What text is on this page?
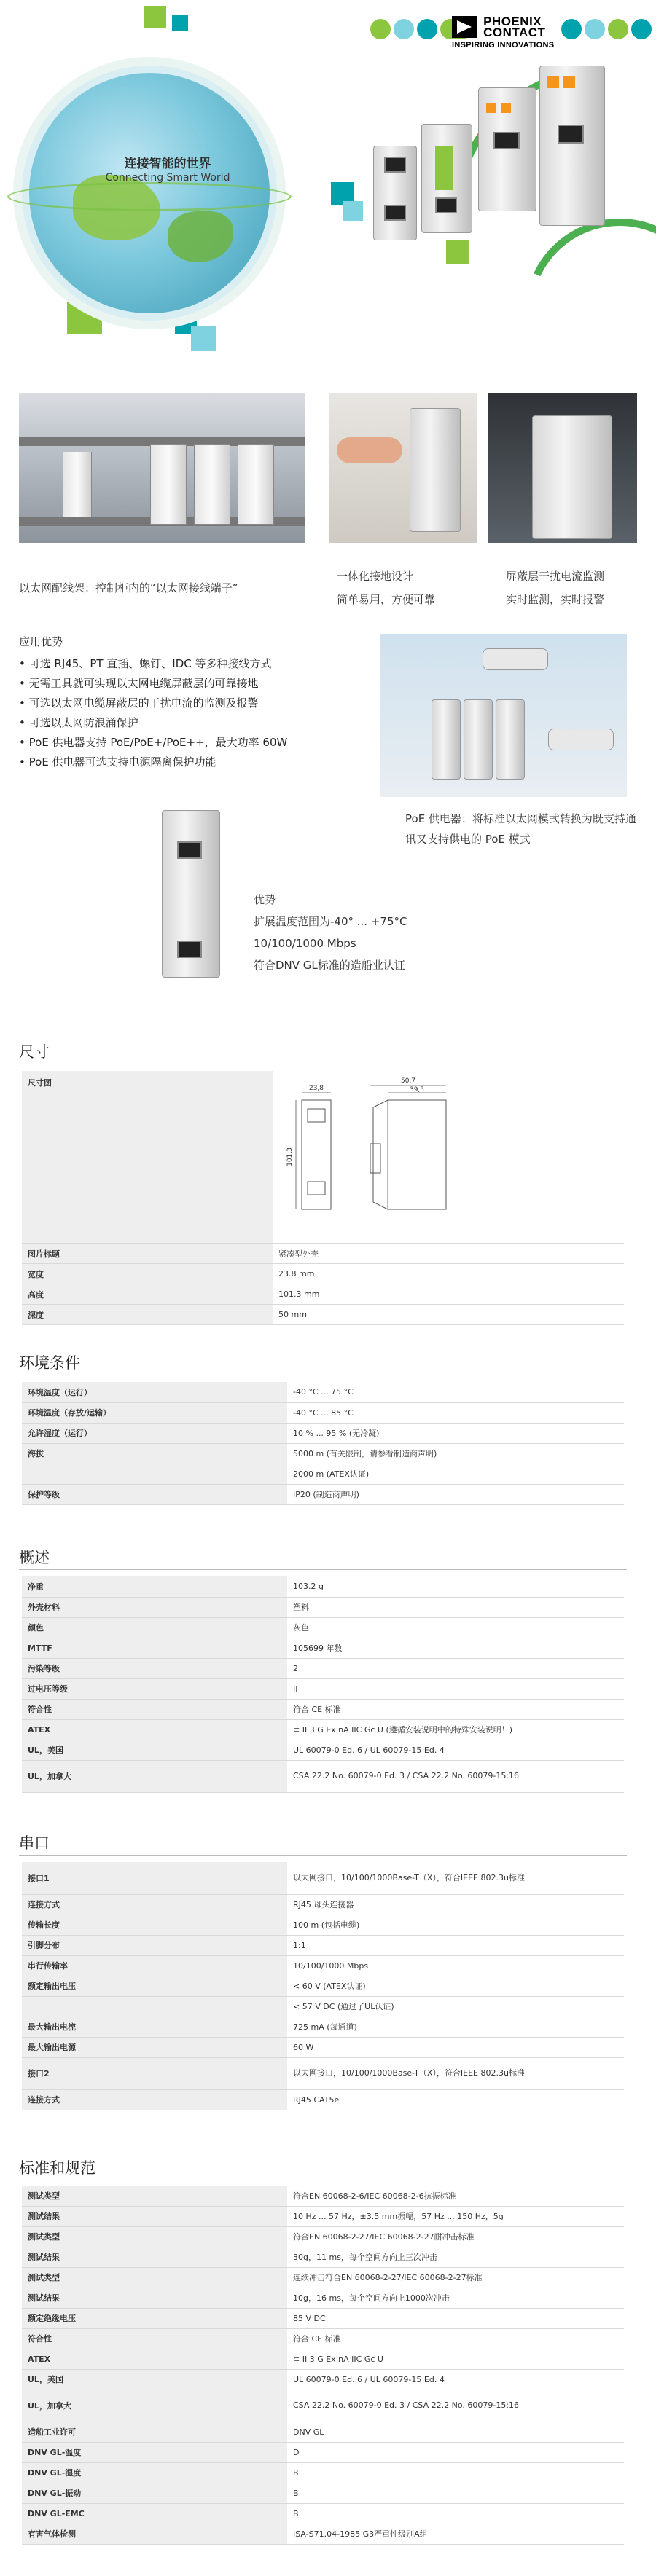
PHOENIX
CONTACT
INSPIRING INNOVATIONS
连接智能的世界
Connecting Smart World
以太网配线架：控制柜内的“以太网接线端子”
一体化接地设计
简单易用，方便可靠
屏蔽层干扰电流监测
实时监测，实时报警
应用优势
• 可选 RJ45、PT 直插、螺钉、IDC 等多种接线方式
• 无需工具就可实现以太网电缆屏蔽层的可靠接地
• 可选以太网电缆屏蔽层的干扰电流的监测及报警
• 可选以太网防浪涌保护
• PoE 供电器支持 PoE/PoE+/PoE++，最大功率 60W
• PoE 供电器可选支持电源隔离保护功能
PoE 供电器：将标准以太网模式转换为既支持通讯又支持供电的 PoE 模式
优势
扩展温度范围为-40° ... +75°C
10/100/1000 Mbps
符合DNV GL标准的造船业认证
尺寸
尺寸图	23,8
101,3
50,7
39,5

图片标题	紧凑型外壳
宽度	23.8 mm
高度	101.3 mm
深度	50 mm
环境条件
环境温度（运行）	-40 °C ... 75 °C
环境温度（存放/运输）	-40 °C ... 85 °C
允许湿度（运行）	10 % ... 95 % (无冷凝)
海拔	5000 m (有关限制，请参看制造商声明)
	2000 m (ATEX认证)
保护等级	IP20 (制造商声明)
概述
净重	103.2 g
外壳材料	塑料
颜色	灰色
MTTF	105699 年数
污染等级	2
过电压等级	II
符合性	符合 CE 标准
ATEX	⊂ II 3 G Ex nA IIC Gc U (遵循安装说明中的特殊安装说明！)
UL，美国	UL 60079-0 Ed. 6 / UL 60079-15 Ed. 4
UL，加拿大	CSA 22.2 No. 60079-0 Ed. 3 / CSA 22.2 No. 60079-15:16
串口
接口1	以太网接口，10/100/1000Base-T（X），符合IEEE 802.3u标准
连接方式	RJ45 母头连接器
传输长度	100 m (包括电缆)
引脚分布	1:1
串行传输率	10/100/1000 Mbps
额定输出电压	< 60 V (ATEX认证)
	< 57 V DC (通过了UL认证)
最大输出电流	725 mA (每通道)
最大输出电源	60 W
接口2	以太网接口，10/100/1000Base-T（X），符合IEEE 802.3u标准
连接方式	RJ45 CAT5e
标准和规范
测试类型	符合EN 60068-2-6/IEC 60068-2-6抗振标准
测试结果	10 Hz ... 57 Hz，±3.5 mm振幅，57 Hz ... 150 Hz，5g
测试类型	符合EN 60068-2-27/IEC 60068-2-27耐冲击标准
测试结果	30g，11 ms，每个空间方向上三次冲击
测试类型	连续冲击符合EN 60068-2-27/IEC 60068-2-27标准
测试结果	10g，16 ms，每个空间方向上1000次冲击
额定绝缘电压	85 V DC
符合性	符合 CE 标准
ATEX	⊂ II 3 G Ex nA IIC Gc U
UL，美国	UL 60079-0 Ed. 6 / UL 60079-15 Ed. 4
UL，加拿大	CSA 22.2 No. 60079-0 Ed. 3 / CSA 22.2 No. 60079-15:16
造船工业许可	DNV GL
DNV GL-温度	D
DNV GL-湿度	B
DNV GL-振动	B
DNV GL-EMC	B
有害气体检测	ISA-S71.04-1985 G3严重性级别A组
